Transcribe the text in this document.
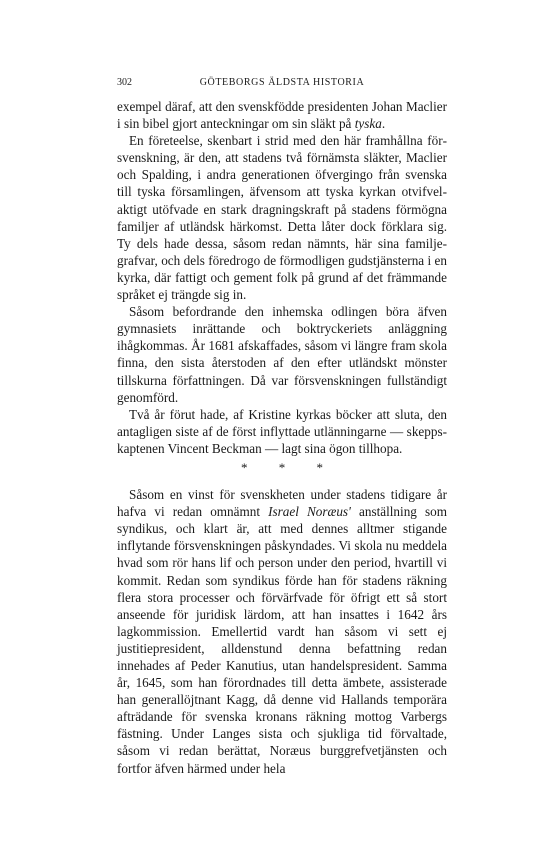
302	GÖTEBORGS ÄLDSTA HISTORIA

exempel däraf, att den svenskfödde presidenten Johan Maclier i sin bibel gjort anteckningar om sin släkt på tyska.

En företeelse, skenbart i strid med den här framhållna försvenskning, är den, att stadens två förnämsta släkter, Maclier och Spalding, i andra generationen öfvergingo från svenska till tyska församlingen, äfvensom att tyska kyrkan otvifvelaktigt utöfvade en stark dragningskraft på stadens förmögna familjer af utländsk härkomst. Detta låter dock förklara sig. Ty dels hade dessa, såsom redan nämnts, här sina familjegrafvar, och dels föredrogo de förmodligen gudstjänsterna i en kyrka, där fattigt och gement folk på grund af det främmande språket ej trängde sig in.

Såsom befordrande den inhemska odlingen böra äfven gymnasiets inrättande och boktryckeriets anläggning ihågkommas. År 1681 afskaffades, såsom vi längre fram skola finna, den sista återstoden af den efter utländskt mönster tillskurna författningen. Då var försvenskningen fullständigt genomförd.

Två år förut hade, af Kristine kyrkas böcker att sluta, den antagligen siste af de först inflyttade utlänningarne — skeppskaptenen Vincent Beckman — lagt sina ögon tillhopa.

* * *

Såsom en vinst för svenskheten under stadens tidigare år hafva vi redan omnämnt Israel Noræus' anställning som syndikus, och klart är, att med dennes alltmer stigande inflytande försvenskningen påskyndades. Vi skola nu meddela hvad som rör hans lif och person under den period, hvartill vi kommit. Redan som syndikus förde han för stadens räkning flera stora processer och förvärfvade för öfrigt ett så stort anseende för juridisk lärdom, att han insattes i 1642 års lagkommission. Emellertid vardt han såsom vi sett ej justitiepresident, alldenstund denna befattning redan innehades af Peder Kanutius, utan handelspresident. Samma år, 1645, som han förordnades till detta ämbete, assisterade han generallöjtnant Kagg, då denne vid Hallands temporära afträdande för svenska kronans räkning mottog Varbergs fästning. Under Langes sista och sjukliga tid förvaltade, såsom vi redan berättat, Noræus burggrefvetjänsten och fortfor äfven härmed under hela
